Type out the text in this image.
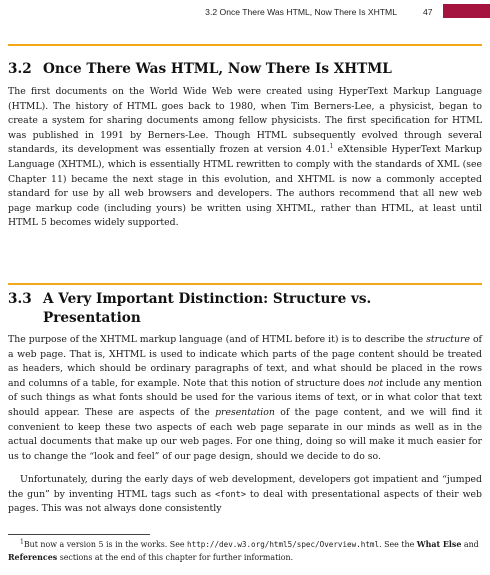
3.2 Once There Was HTML, Now There Is XHTML	47
3.2 Once There Was HTML, Now There Is XHTML

The first documents on the World Wide Web were created using HyperText Markup Language (HTML). The history of HTML goes back to 1980, when Tim Berners-Lee, a physicist, began to create a system for sharing documents among fellow physicists. The first specification for HTML was published in 1991 by Berners-Lee. Though HTML subsequently evolved through several standards, its development was essentially frozen at version 4.01.$^1$ eXtensible HyperText Markup Language (XHTML), which is essentially HTML rewritten to comply with the standards of XML (see Chapter 11) became the next stage in this evolution, and XHTML is now a commonly accepted standard for use by all web browsers and developers. The authors recommend that all new web page markup code (including yours) be written using XHTML, rather than HTML, at least until HTML 5 becomes widely supported.

3.3 A Very Important Distinction: Structure vs.
Presentation

The purpose of the XHTML markup language (and of HTML before it) is to describe the structure of a web page. That is, XHTML is used to indicate which parts of the page content should be treated as headers, which should be ordinary paragraphs of text, and what should be placed in the rows and columns of a table, for example. Note that this notion of structure does not include any mention of such things as what fonts should be used for the various items of text, or in what color that text should appear. These are aspects of the presentation of the page content, and we will find it convenient to keep these two aspects of each web page separate in our minds as well as in the actual documents that make up our web pages. For one thing, doing so will make it much easier for us to change the “look and feel” of our page design, should we decide to do so.

Unfortunately, during the early days of web development, developers got impatient and “jumped the gun” by inventing HTML tags such as <font> to deal with presentational aspects of their web pages. This was not always done consistently

$^1$But now a version 5 is in the works. See http://dev.w3.org/html5/spec/Overview.html. See the What Else and References sections at the end of this chapter for further information.
